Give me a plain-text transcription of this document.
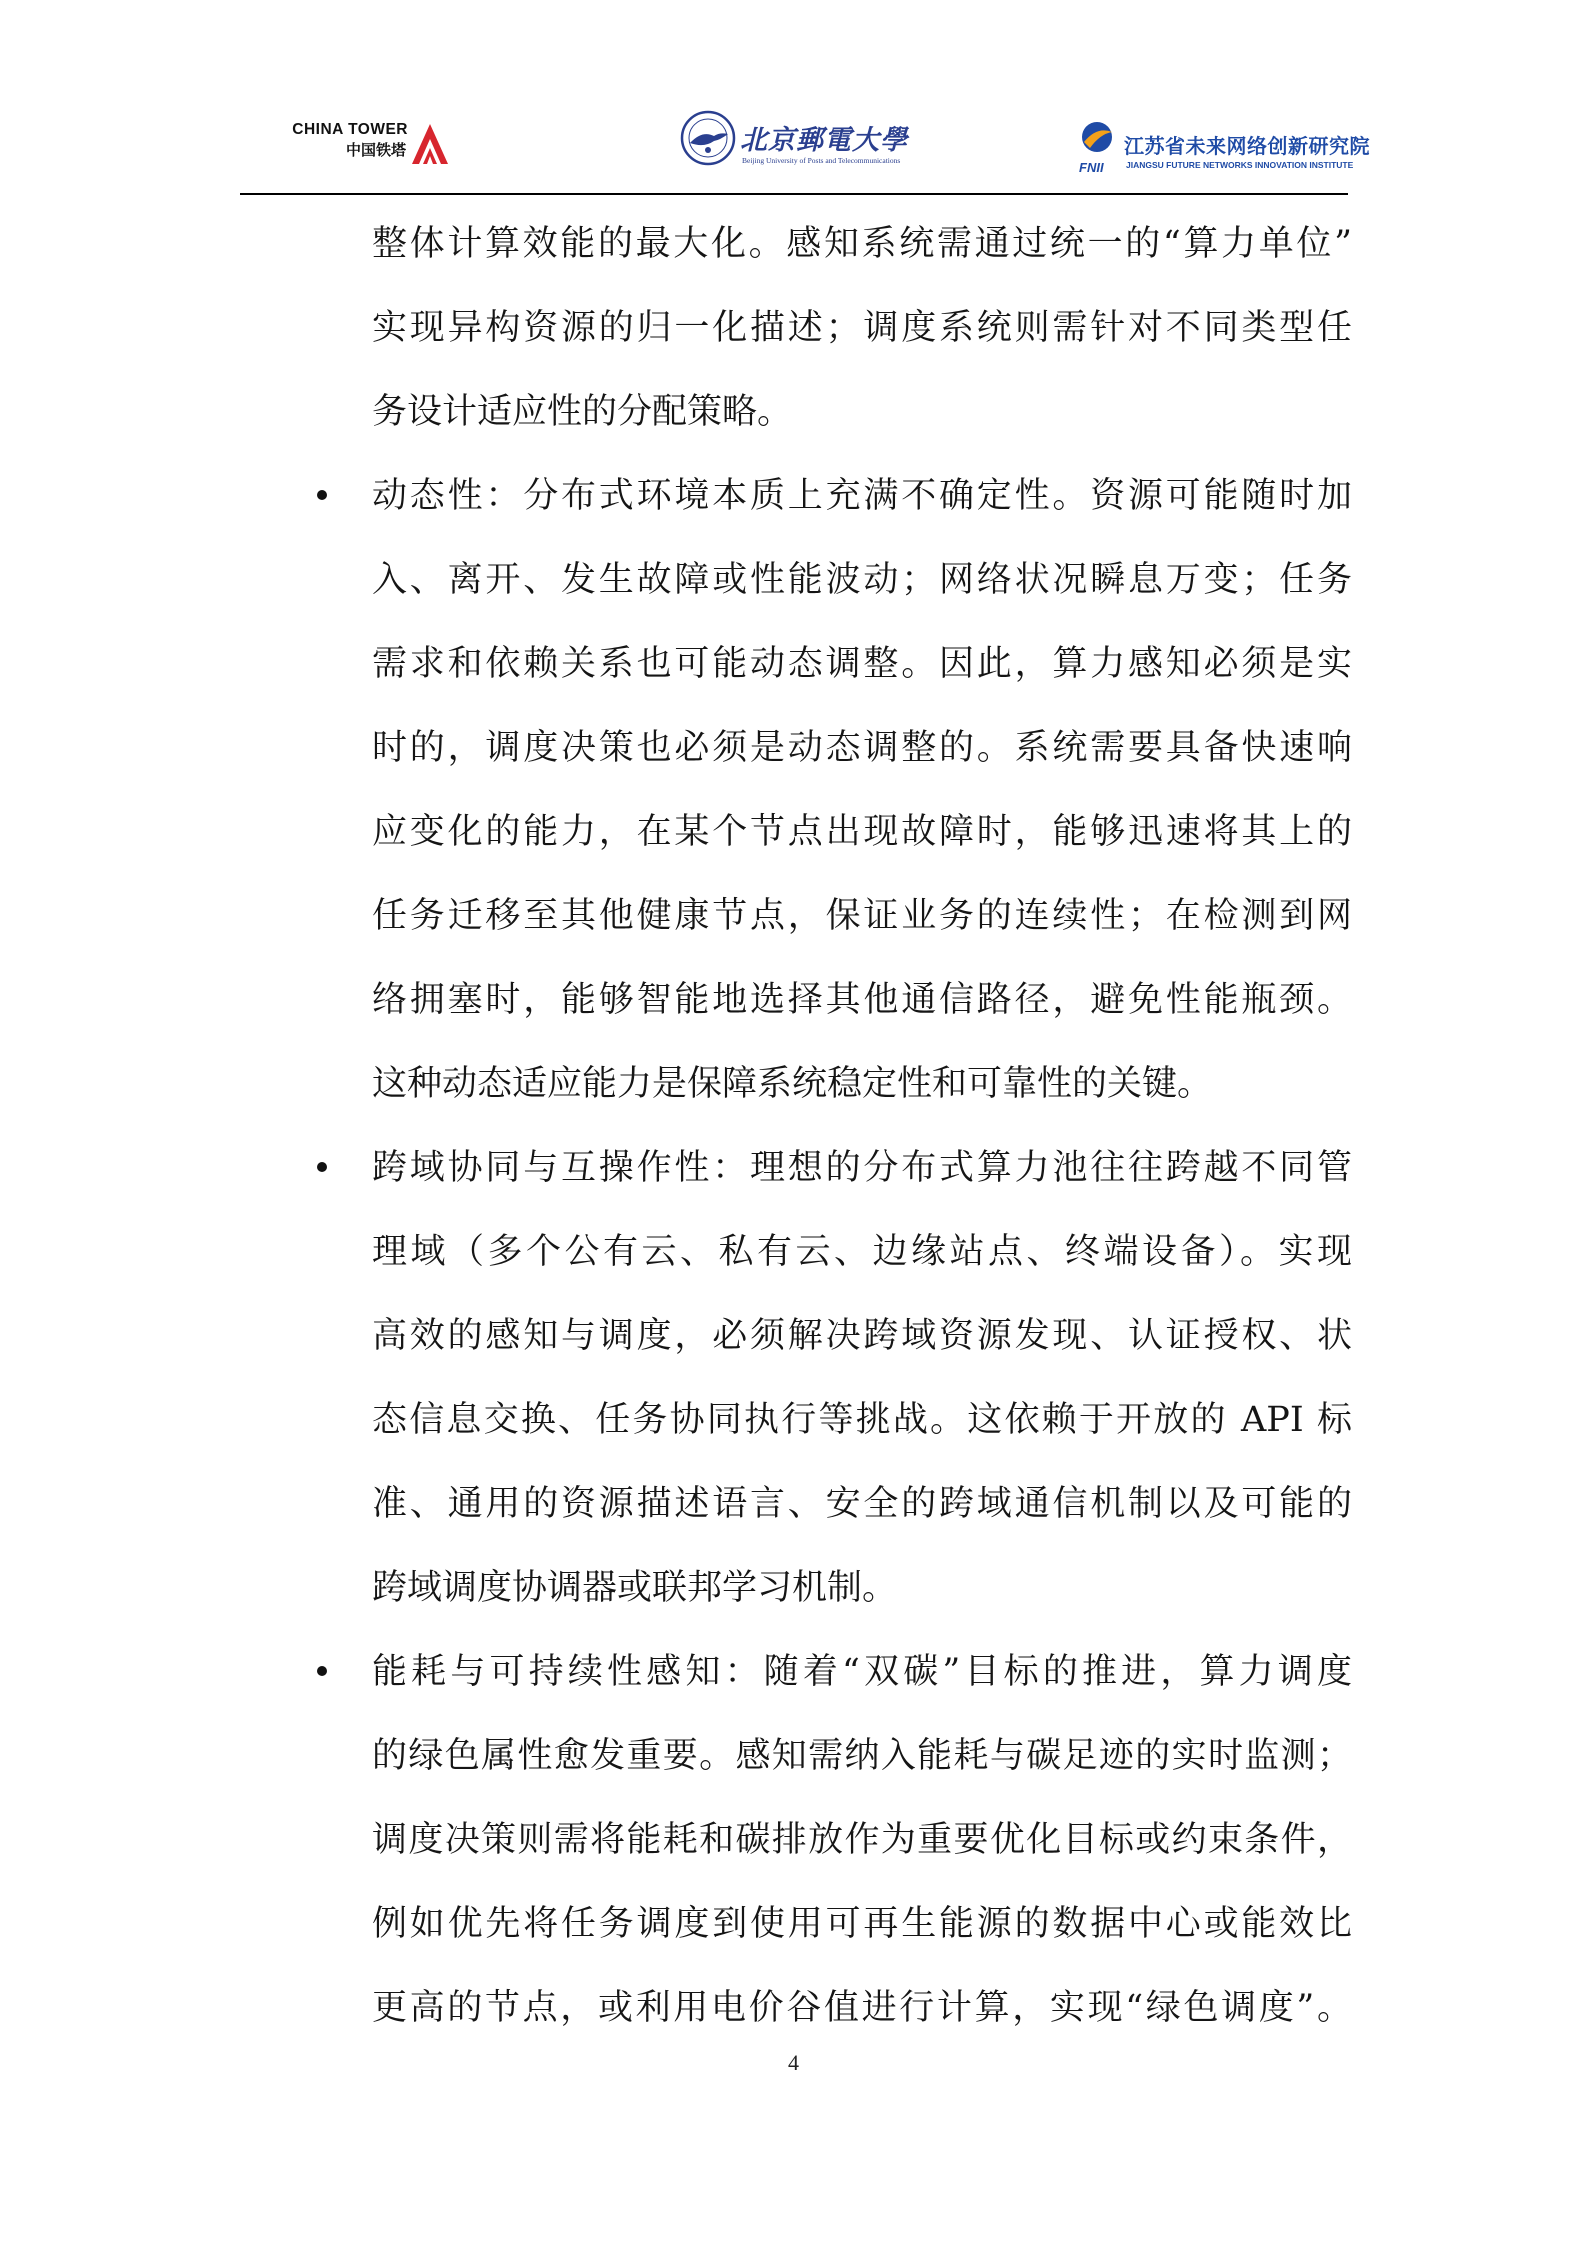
CHINA TOWER
中国铁塔	北京郵電大學
Beijing University of Posts and Telecommunications	FNII
江苏省未来网络创新研究院
JIANGSU FUTURE NETWORKS INNOVATION INSTITUTE
整体计算效能的最大化。感知系统需通过统一的“算力单位”
实现异构资源的归一化描述；调度系统则需针对不同类型任
务设计适应性的分配策略。
动态性：分布式环境本质上充满不确定性。资源可能随时加
入、离开、发生故障或性能波动；网络状况瞬息万变；任务
需求和依赖关系也可能动态调整。因此，算力感知必须是实
时的，调度决策也必须是动态调整的。系统需要具备快速响
应变化的能力，在某个节点出现故障时，能够迅速将其上的
任务迁移至其他健康节点，保证业务的连续性；在检测到网
络拥塞时，能够智能地选择其他通信路径，避免性能瓶颈。
这种动态适应能力是保障系统稳定性和可靠性的关键。
跨域协同与互操作性：理想的分布式算力池往往跨越不同管
理域（多个公有云、私有云、边缘站点、终端设备）。实现
高效的感知与调度，必须解决跨域资源发现、认证授权、状
态信息交换、任务协同执行等挑战。这依赖于开放的 API 标
准、通用的资源描述语言、安全的跨域通信机制以及可能的
跨域调度协调器或联邦学习机制。
能耗与可持续性感知：随着“双碳”目标的推进，算力调度
的绿色属性愈发重要。感知需纳入能耗与碳足迹的实时监测；
调度决策则需将能耗和碳排放作为重要优化目标或约束条件，
例如优先将任务调度到使用可再生能源的数据中心或能效比
更高的节点，或利用电价谷值进行计算，实现“绿色调度”。
4
